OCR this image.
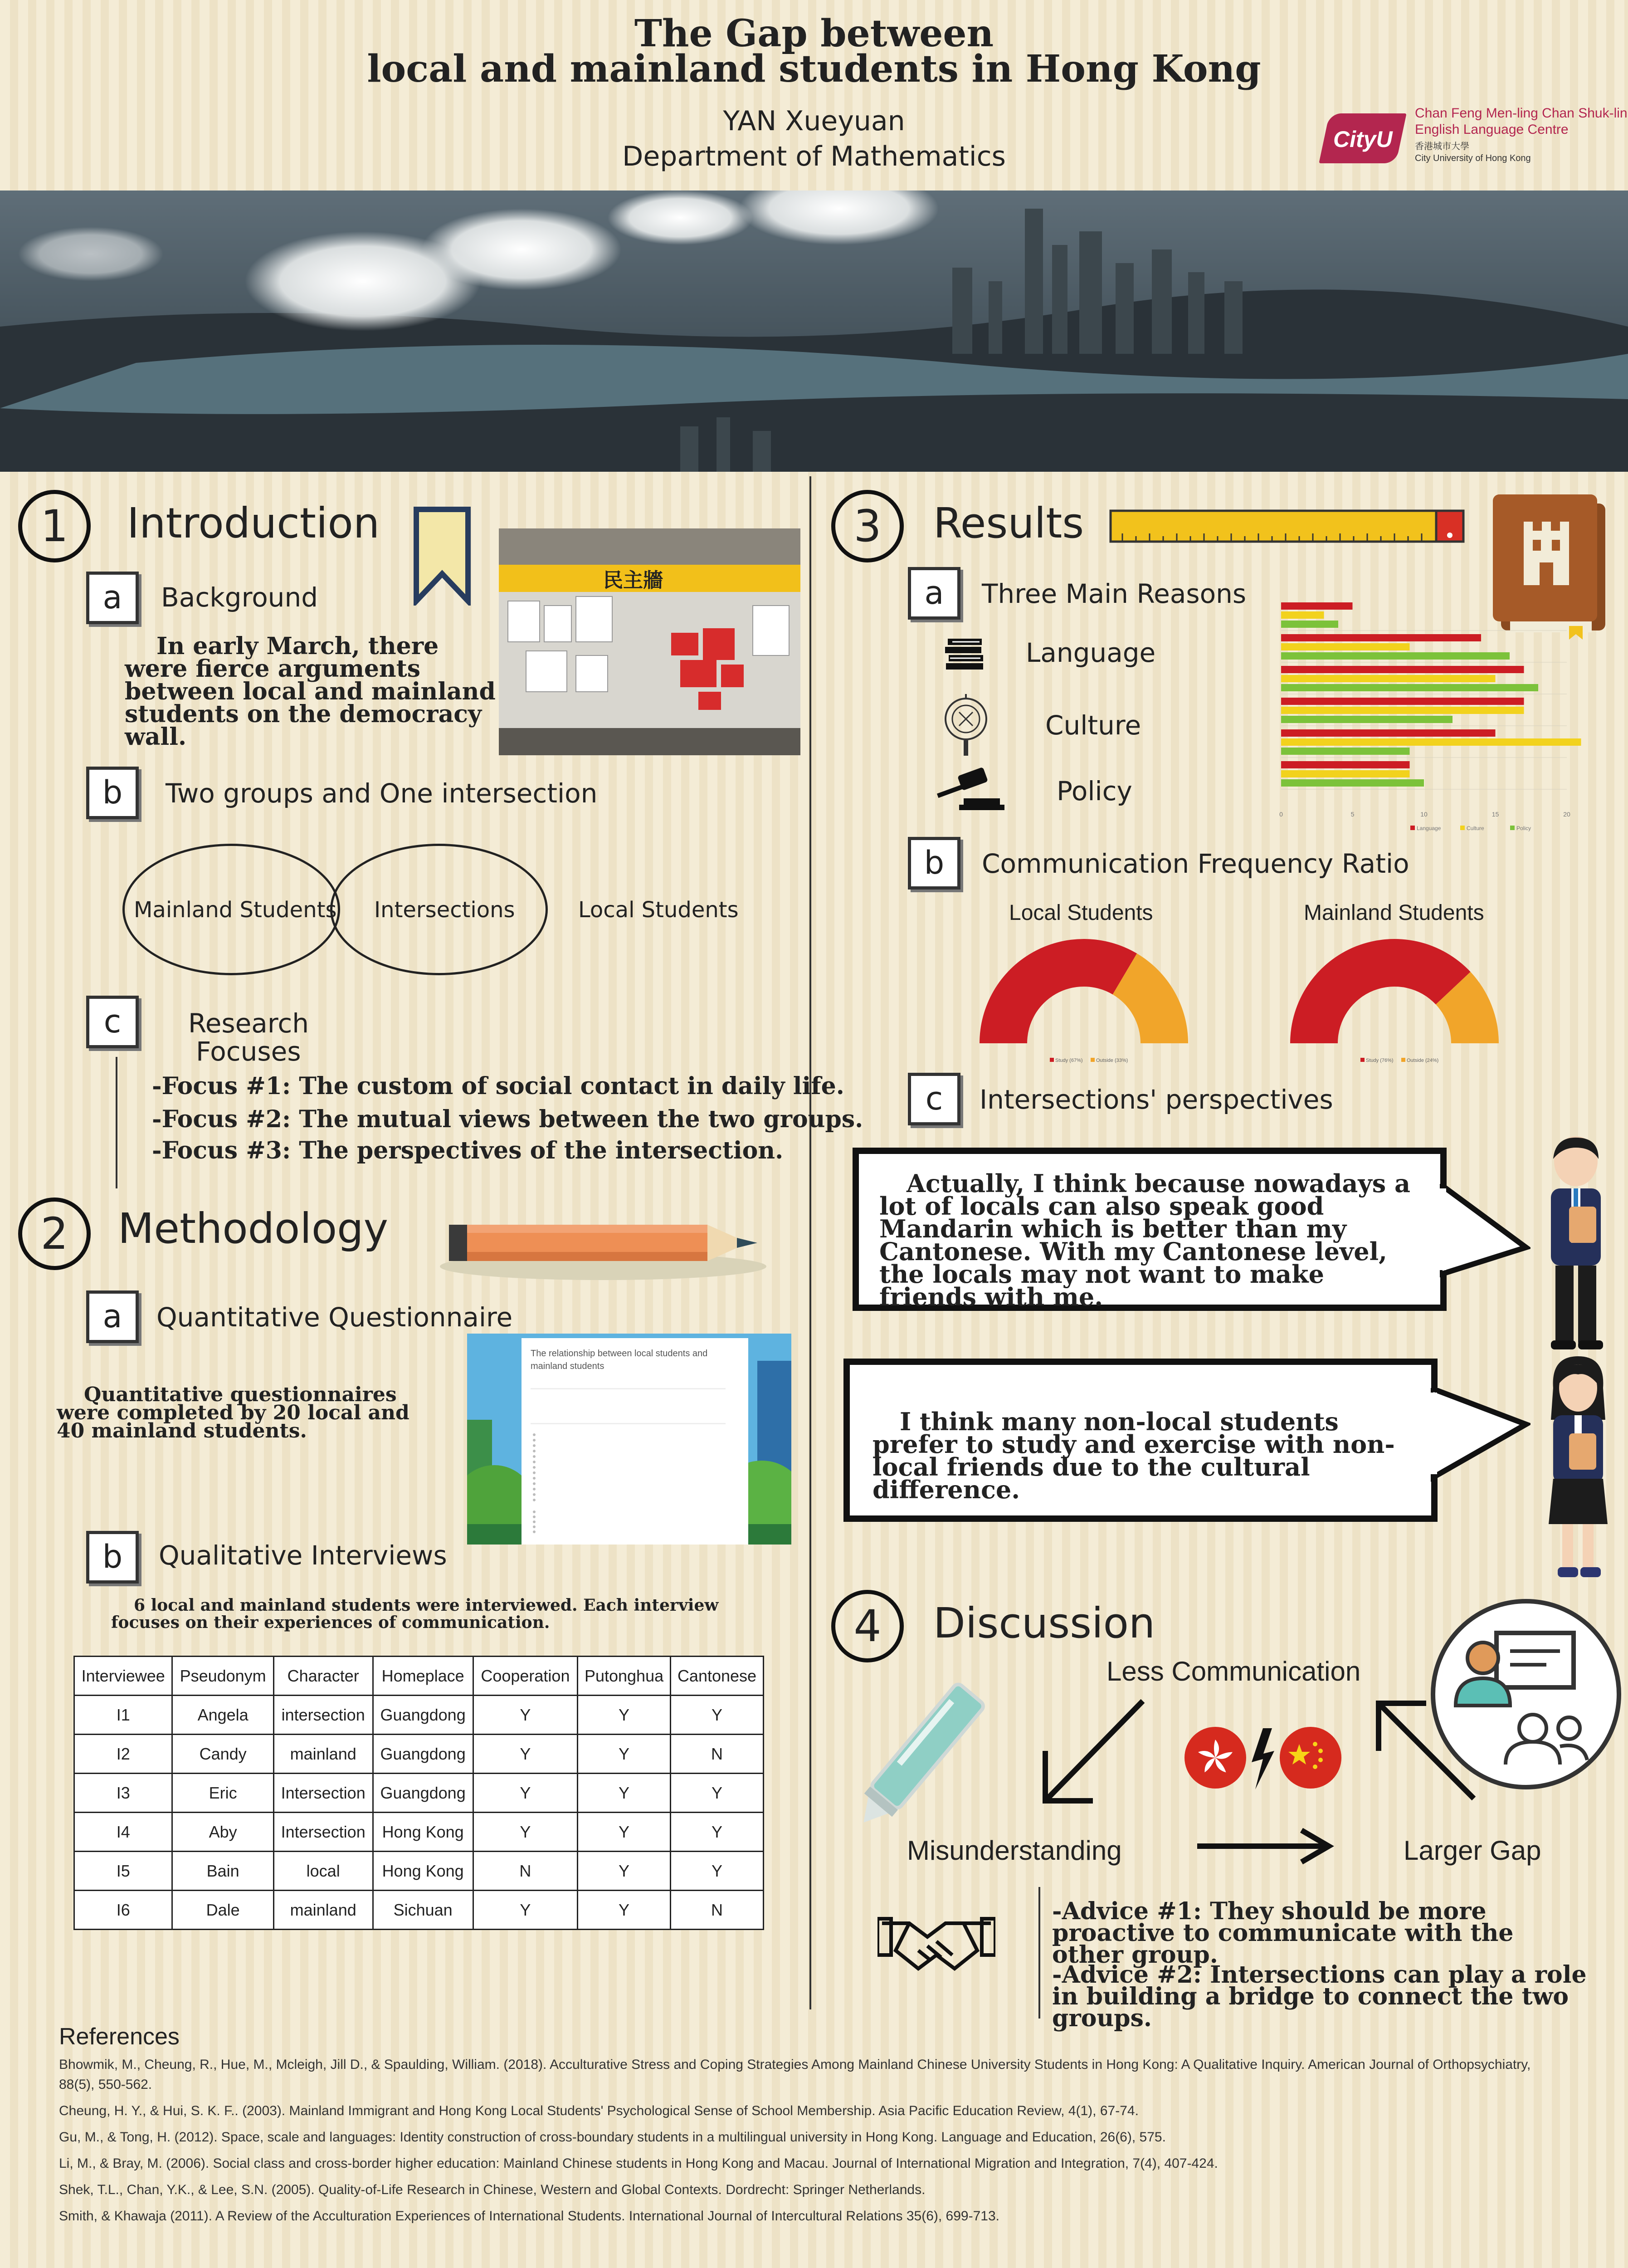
The Gap between
local and mainland students in Hong Kong
YAN Xueyuan
Department of Mathematics
CityU
Chan Feng Men-ling Chan Shuk-lin
English Language Centre
香港城市大學
City University of Hong Kong
1	Introduction
民主牆
a	Background
In early March, there were fierce arguments between local and mainland students on the democracy wall.
b	Two groups and One intersection
Mainland Students Intersections	Local Students
c	Research
Focuses
-Focus #1: The custom of social contact in daily life.
-Focus #2: The mutual views between the two groups.
-Focus #3: The perspectives of the intersection.
2	Methodology
a	Quantitative Questionnaire
Quantitative questionnaires were completed by 20 local and 40 mainland students.
The relationship between local students and mainland students
b	Qualitative Interviews
6 local and mainland students were interviewed. Each interview focuses on their experiences of communication.
Interviewee	Pseudonym	Character	Homeplace	Cooperation	Putonghua	Cantonese
I1	Angela	intersection	Guangdong	Y	Y	Y
I2	Candy	mainland	Guangdong	Y	Y	N
I3	Eric	Intersection	Guangdong	Y	Y	Y
I4	Aby	Intersection	Hong Kong	Y	Y	Y
I5	Bain	local	Hong Kong	N	Y	Y
I6	Dale	mainland	Sichuan	Y	Y	N
3	Results
a	Three Main Reasons
Language
Culture
Policy
0	5	10	15	20
Language	Culture	Policy
b	Communication Frequency Ratio
Local Students	Mainland Students
Study (67%)	Outside (33%)	Study (76%)	Outside (24%)
c	Intersections' perspectives
Actually, I think because nowadays a lot of locals can also speak good Mandarin which is better than my Cantonese. With my Cantonese level, the locals may not want to make friends with me.
I think many non-local students prefer to study and exercise with non-local friends due to the cultural difference.
4	Discussion
Less Communication
Misunderstanding	Larger Gap
-Advice #1: They should be more proactive to communicate with the other group.
-Advice #2: Intersections can play a role in building a bridge to connect the two groups.
References
Bhowmik, M., Cheung, R., Hue, M., Mcleigh, Jill D., & Spaulding, William. (2018). Acculturative Stress and Coping Strategies Among Mainland Chinese University Students in Hong Kong: A Qualitative Inquiry. American Journal of Orthopsychiatry, 88(5), 550-562.
Cheung, H. Y., & Hui, S. K. F.. (2003). Mainland Immigrant and Hong Kong Local Students' Psychological Sense of School Membership. Asia Pacific Education Review, 4(1), 67-74.
Gu, M., & Tong, H. (2012). Space, scale and languages: Identity construction of cross-boundary students in a multilingual university in Hong Kong. Language and Education, 26(6), 575.
Li, M., & Bray, M. (2006). Social class and cross-border higher education: Mainland Chinese students in Hong Kong and Macau. Journal of International Migration and Integration, 7(4), 407-424.
Shek, T.L., Chan, Y.K., & Lee, S.N. (2005). Quality-of-Life Research in Chinese, Western and Global Contexts. Dordrecht: Springer Netherlands.
Smith, & Khawaja (2011). A Review of the Acculturation Experiences of International Students. International Journal of Intercultural Relations 35(6), 699-713.
